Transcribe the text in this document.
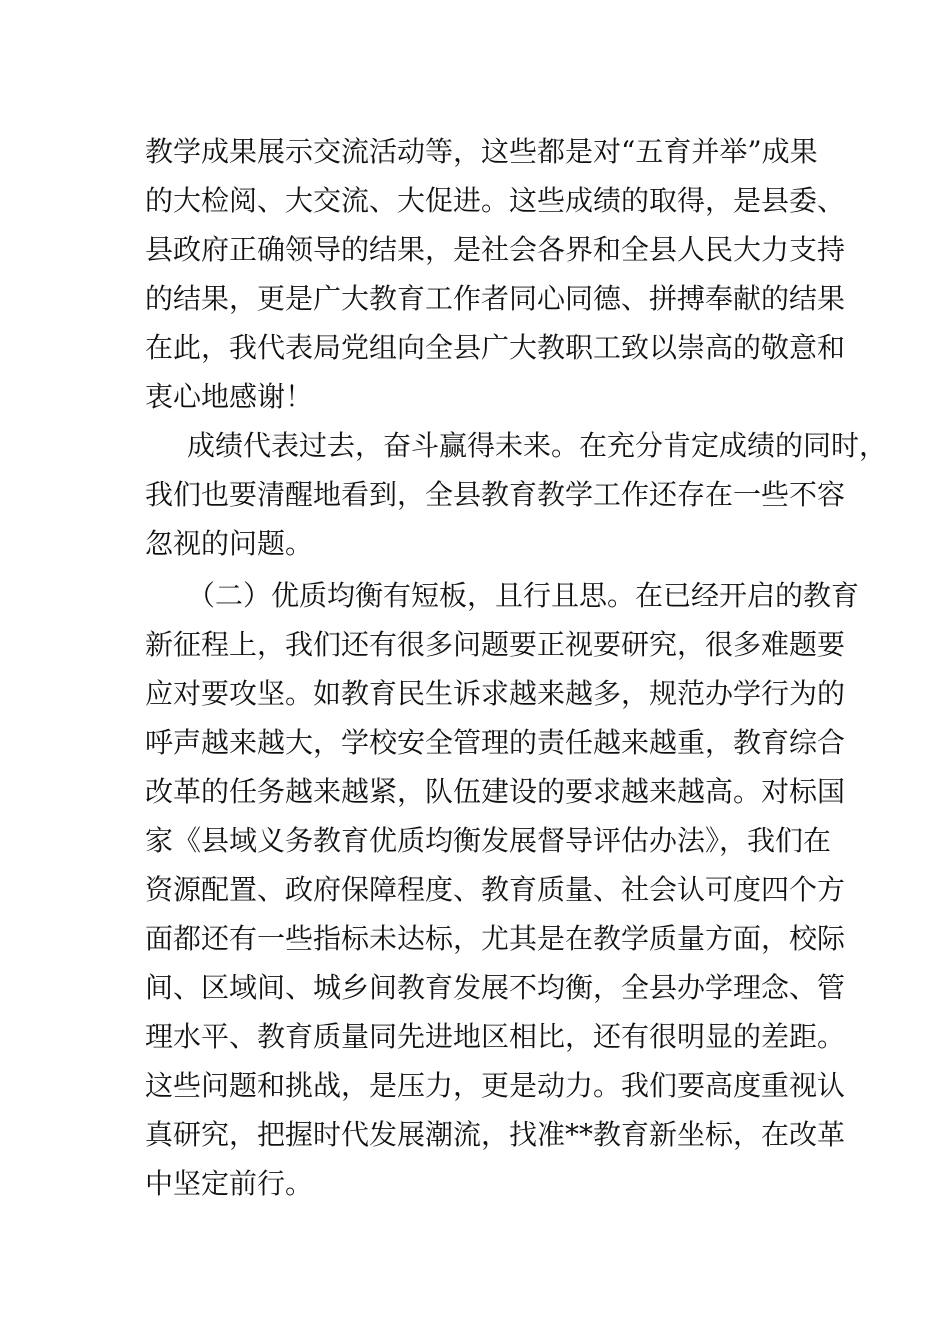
教学成果展示交流活动等，这些都是对“五育并举”成果
的大检阅、大交流、大促进。这些成绩的取得，是县委、
县政府正确领导的结果，是社会各界和全县人民大力支持
的结果，更是广大教育工作者同心同德、拼搏奉献的结果
在此，我代表局党组向全县广大教职工致以崇高的敬意和
衷心地感谢！
成绩代表过去，奋斗赢得未来。在充分肯定成绩的同时，
我们也要清醒地看到，全县教育教学工作还存在一些不容
忽视的问题。
（二）优质均衡有短板，且行且思。在已经开启的教育
新征程上，我们还有很多问题要正视要研究，很多难题要
应对要攻坚。如教育民生诉求越来越多，规范办学行为的
呼声越来越大，学校安全管理的责任越来越重，教育综合
改革的任务越来越紧，队伍建设的要求越来越高。对标国
家《县域义务教育优质均衡发展督导评估办法》，我们在
资源配置、政府保障程度、教育质量、社会认可度四个方
面都还有一些指标未达标，尤其是在教学质量方面，校际
间、区域间、城乡间教育发展不均衡，全县办学理念、管
理水平、教育质量同先进地区相比，还有很明显的差距。
这些问题和挑战，是压力，更是动力。我们要高度重视认
真研究，把握时代发展潮流，找准**教育新坐标，在改革
中坚定前行。
